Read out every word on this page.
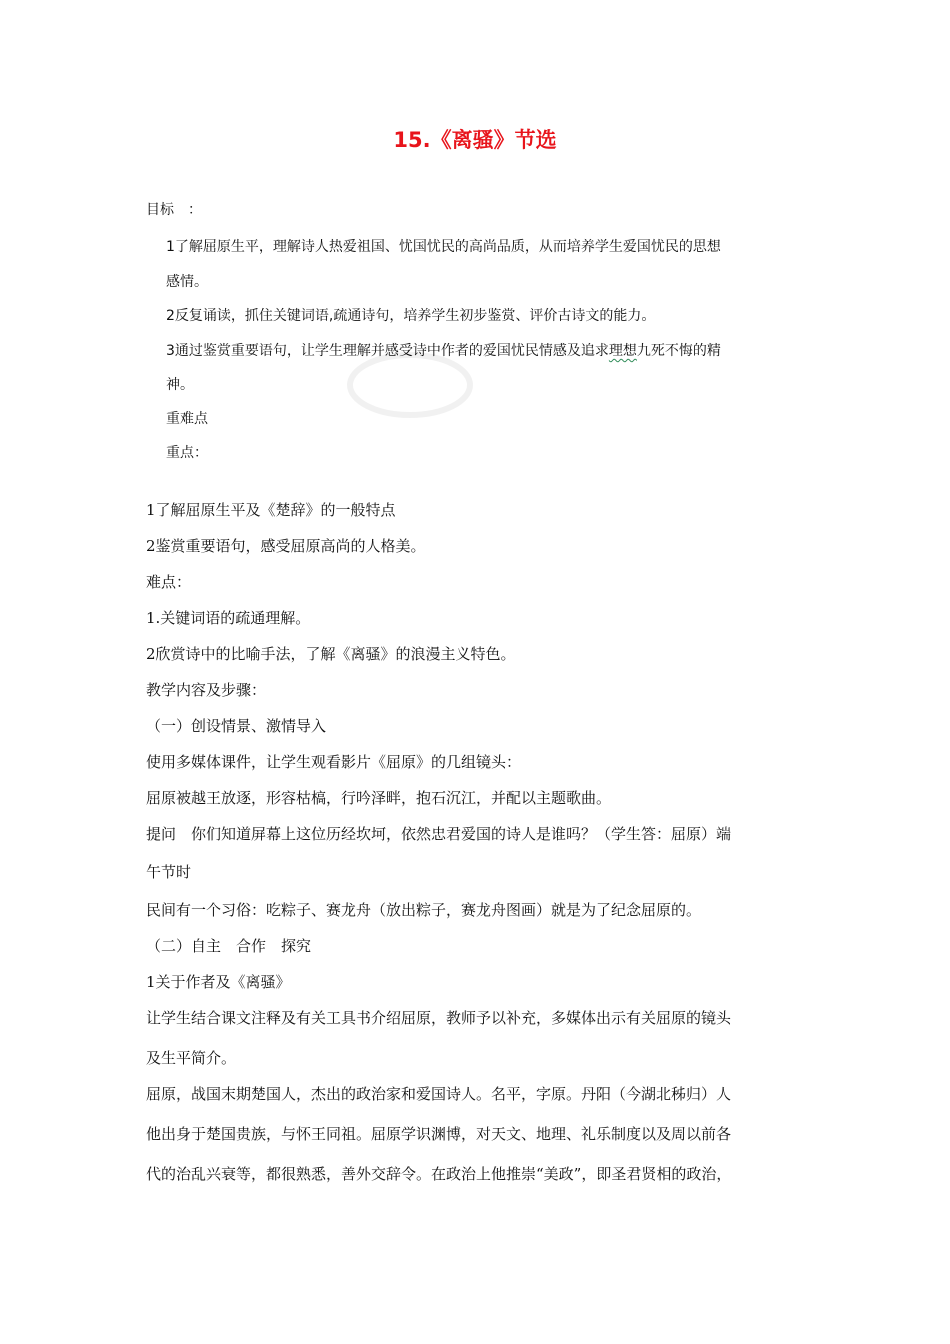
15.《离骚》节选
目标　：
1了解屈原生平，理解诗人热爱祖国、忧国忧民的高尚品质，从而培养学生爱国忧民的思想
感情。
2反复诵读，抓住关键词语,疏通诗句，培养学生初步鉴赏、评价古诗文的能力。
3通过鉴赏重要语句，让学生理解并感受诗中作者的爱国忧民情感及追求理想九死不悔的精
神。
重难点
重点：
1了解屈原生平及《楚辞》的一般特点
2鉴赏重要语句，感受屈原高尚的人格美。
难点：
1.关键词语的疏通理解。
2欣赏诗中的比喻手法，了解《离骚》的浪漫主义特色。
教学内容及步骤：
（一）创设情景、激情导入
使用多媒体课件，让学生观看影片《屈原》的几组镜头：
屈原被越王放逐，形容枯槁，行吟泽畔，抱石沉江，并配以主题歌曲。
提问　你们知道屏幕上这位历经坎坷，依然忠君爱国的诗人是谁吗？（学生答：屈原）端
午节时
民间有一个习俗：吃粽子、赛龙舟（放出粽子，赛龙舟图画）就是为了纪念屈原的。
（二）自主　合作　探究
1关于作者及《离骚》
让学生结合课文注释及有关工具书介绍屈原，教师予以补充，多媒体出示有关屈原的镜头
及生平简介。
屈原，战国末期楚国人，杰出的政治家和爱国诗人。名平，字原。丹阳（今湖北秭归）人
他出身于楚国贵族，与怀王同祖。屈原学识渊博，对天文、地理、礼乐制度以及周以前各
代的治乱兴衰等，都很熟悉，善外交辞令。在政治上他推崇“美政”，即圣君贤相的政治，
